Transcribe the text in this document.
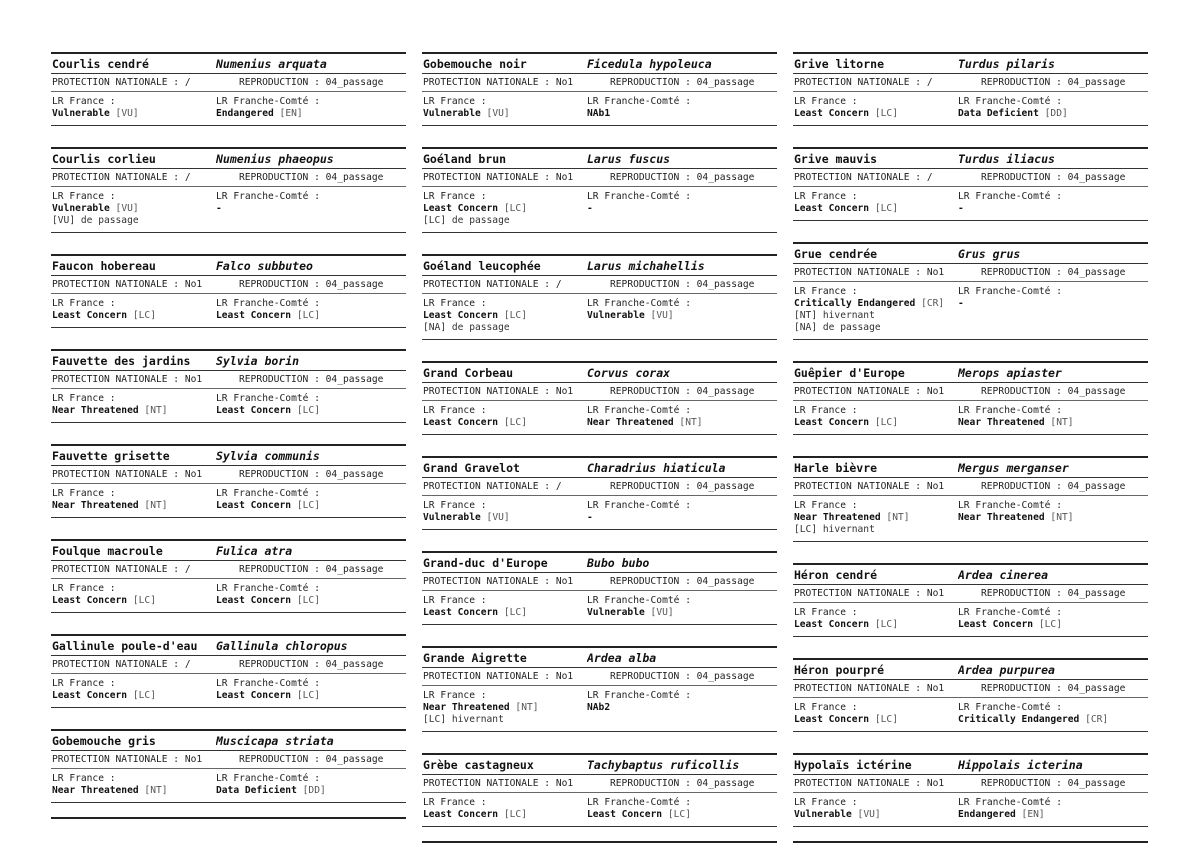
Courlis cendré	Numenius arquata
PROTECTION NATIONALE : /	REPRODUCTION : 04_passage
LR France :
Vulnerable [VU]
LR Franche-Comté :
Endangered [EN]
Courlis corlieu	Numenius phaeopus
PROTECTION NATIONALE : /	REPRODUCTION : 04_passage
LR France :
Vulnerable [VU]
[VU] de passage
LR Franche-Comté :
-
Faucon hobereau	Falco subbuteo
PROTECTION NATIONALE : No1	REPRODUCTION : 04_passage
LR France :
Least Concern [LC]
LR Franche-Comté :
Least Concern [LC]
Fauvette des jardins	Sylvia borin
PROTECTION NATIONALE : No1	REPRODUCTION : 04_passage
LR France :
Near Threatened [NT]
LR Franche-Comté :
Least Concern [LC]
Fauvette grisette	Sylvia communis
PROTECTION NATIONALE : No1	REPRODUCTION : 04_passage
LR France :
Near Threatened [NT]
LR Franche-Comté :
Least Concern [LC]
Foulque macroule	Fulica atra
PROTECTION NATIONALE : /	REPRODUCTION : 04_passage
LR France :
Least Concern [LC]
LR Franche-Comté :
Least Concern [LC]
Gallinule poule-d'eau	Gallinula chloropus
PROTECTION NATIONALE : /	REPRODUCTION : 04_passage
LR France :
Least Concern [LC]
LR Franche-Comté :
Least Concern [LC]
Gobemouche gris	Muscicapa striata
PROTECTION NATIONALE : No1	REPRODUCTION : 04_passage
LR France :
Near Threatened [NT]
LR Franche-Comté :
Data Deficient [DD]
Gobemouche noir	Ficedula hypoleuca
PROTECTION NATIONALE : No1	REPRODUCTION : 04_passage
LR France :
Vulnerable [VU]
LR Franche-Comté :
NAb1
Goéland brun	Larus fuscus
PROTECTION NATIONALE : No1	REPRODUCTION : 04_passage
LR France :
Least Concern [LC]
[LC] de passage
LR Franche-Comté :
-
Goéland leucophée	Larus michahellis
PROTECTION NATIONALE : /	REPRODUCTION : 04_passage
LR France :
Least Concern [LC]
[NA] de passage
LR Franche-Comté :
Vulnerable [VU]
Grand Corbeau	Corvus corax
PROTECTION NATIONALE : No1	REPRODUCTION : 04_passage
LR France :
Least Concern [LC]
LR Franche-Comté :
Near Threatened [NT]
Grand Gravelot	Charadrius hiaticula
PROTECTION NATIONALE : /	REPRODUCTION : 04_passage
LR France :
Vulnerable [VU]
LR Franche-Comté :
-
Grand-duc d'Europe	Bubo bubo
PROTECTION NATIONALE : No1	REPRODUCTION : 04_passage
LR France :
Least Concern [LC]
LR Franche-Comté :
Vulnerable [VU]
Grande Aigrette	Ardea alba
PROTECTION NATIONALE : No1	REPRODUCTION : 04_passage
LR France :
Near Threatened [NT]
[LC] hivernant
LR Franche-Comté :
NAb2
Grèbe castagneux	Tachybaptus ruficollis
PROTECTION NATIONALE : No1	REPRODUCTION : 04_passage
LR France :
Least Concern [LC]
LR Franche-Comté :
Least Concern [LC]
Grive litorne	Turdus pilaris
PROTECTION NATIONALE : /	REPRODUCTION : 04_passage
LR France :
Least Concern [LC]
LR Franche-Comté :
Data Deficient [DD]
Grive mauvis	Turdus iliacus
PROTECTION NATIONALE : /	REPRODUCTION : 04_passage
LR France :
Least Concern [LC]
LR Franche-Comté :
-
Grue cendrée	Grus grus
PROTECTION NATIONALE : No1	REPRODUCTION : 04_passage
LR France :
Critically Endangered [CR]
[NT] hivernant
[NA] de passage
LR Franche-Comté :
-
Guêpier d'Europe	Merops apiaster
PROTECTION NATIONALE : No1	REPRODUCTION : 04_passage
LR France :
Least Concern [LC]
LR Franche-Comté :
Near Threatened [NT]
Harle bièvre	Mergus merganser
PROTECTION NATIONALE : No1	REPRODUCTION : 04_passage
LR France :
Near Threatened [NT]
[LC] hivernant
LR Franche-Comté :
Near Threatened [NT]
Héron cendré	Ardea cinerea
PROTECTION NATIONALE : No1	REPRODUCTION : 04_passage
LR France :
Least Concern [LC]
LR Franche-Comté :
Least Concern [LC]
Héron pourpré	Ardea purpurea
PROTECTION NATIONALE : No1	REPRODUCTION : 04_passage
LR France :
Least Concern [LC]
LR Franche-Comté :
Critically Endangered [CR]
Hypolaïs ictérine	Hippolais icterina
PROTECTION NATIONALE : No1	REPRODUCTION : 04_passage
LR France :
Vulnerable [VU]
LR Franche-Comté :
Endangered [EN]
